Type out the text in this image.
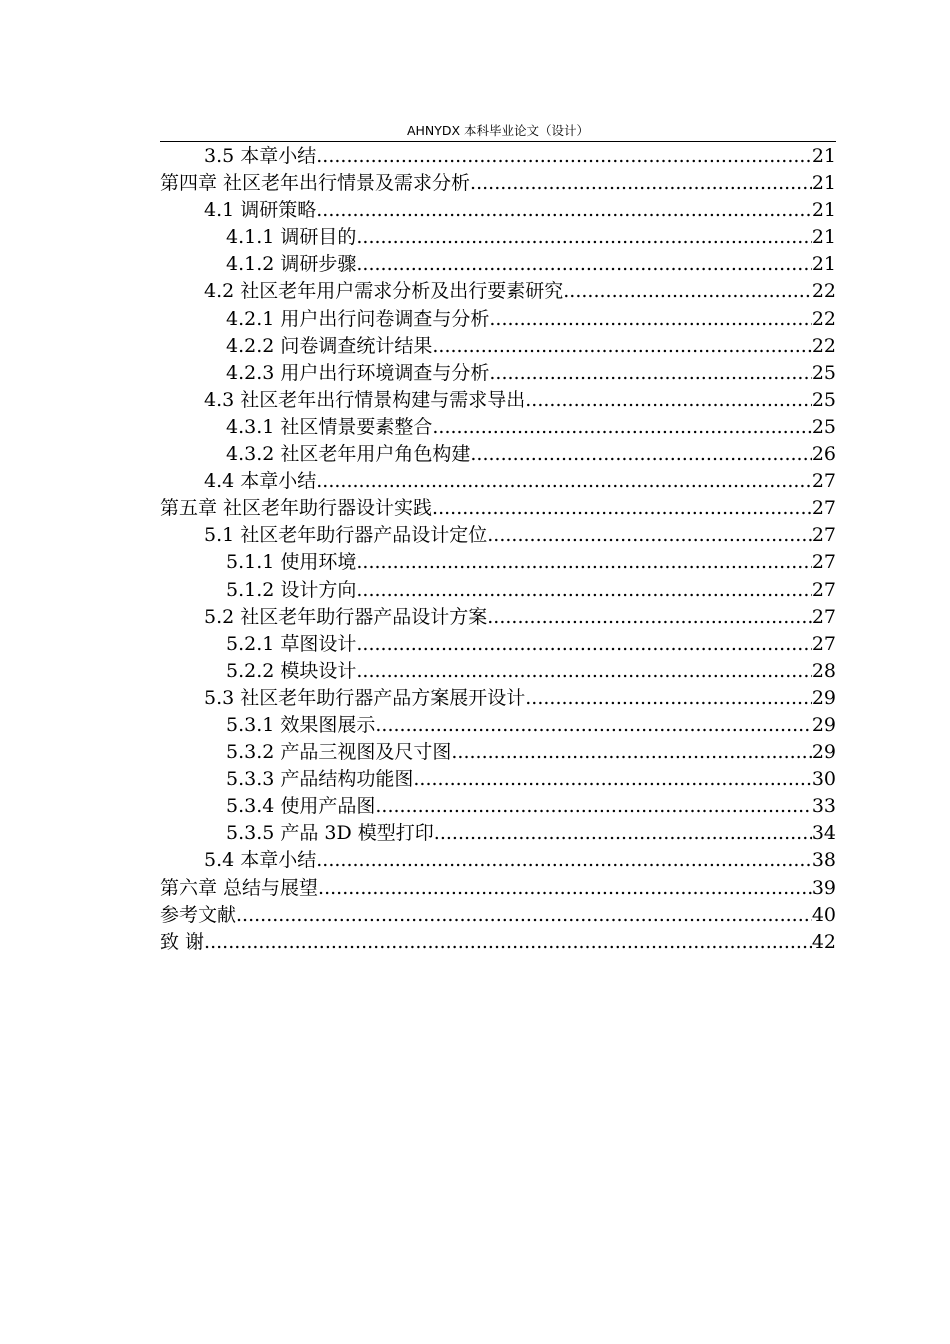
AHNYDX 本科毕业论文（设计）
3.5 本章小结 .....	21
第四章 社区老年出行情景及需求分析 .....	21
4.1 调研策略 .....	21
4.1.1 调研目的 .....	21
4.1.2 调研步骤 .....	21
4.2 社区老年用户需求分析及出行要素研究 .....	22
4.2.1 用户出行问卷调查与分析 .....	22
4.2.2 问卷调查统计结果 .....	22
4.2.3 用户出行环境调查与分析 .....	25
4.3 社区老年出行情景构建与需求导出 .....	25
4.3.1 社区情景要素整合 .....	25
4.3.2 社区老年用户角色构建 .....	26
4.4 本章小结 .....	27
第五章 社区老年助行器设计实践 .....	27
5.1 社区老年助行器产品设计定位 .....	27
5.1.1 使用环境 .....	27
5.1.2 设计方向 .....	27
5.2 社区老年助行器产品设计方案 .....	27
5.2.1 草图设计 .....	27
5.2.2 模块设计 .....	28
5.3 社区老年助行器产品方案展开设计 .....	29
5.3.1 效果图展示 .....	29
5.3.2 产品三视图及尺寸图 .....	29
5.3.3 产品结构功能图 .....	30
5.3.4 使用产品图 .....	33
5.3.5 产品 3D 模型打印 .....	34
5.4 本章小结 .....	38
第六章 总结与展望 .....	39
参考文献 .....	40
致 谢 .....	42
